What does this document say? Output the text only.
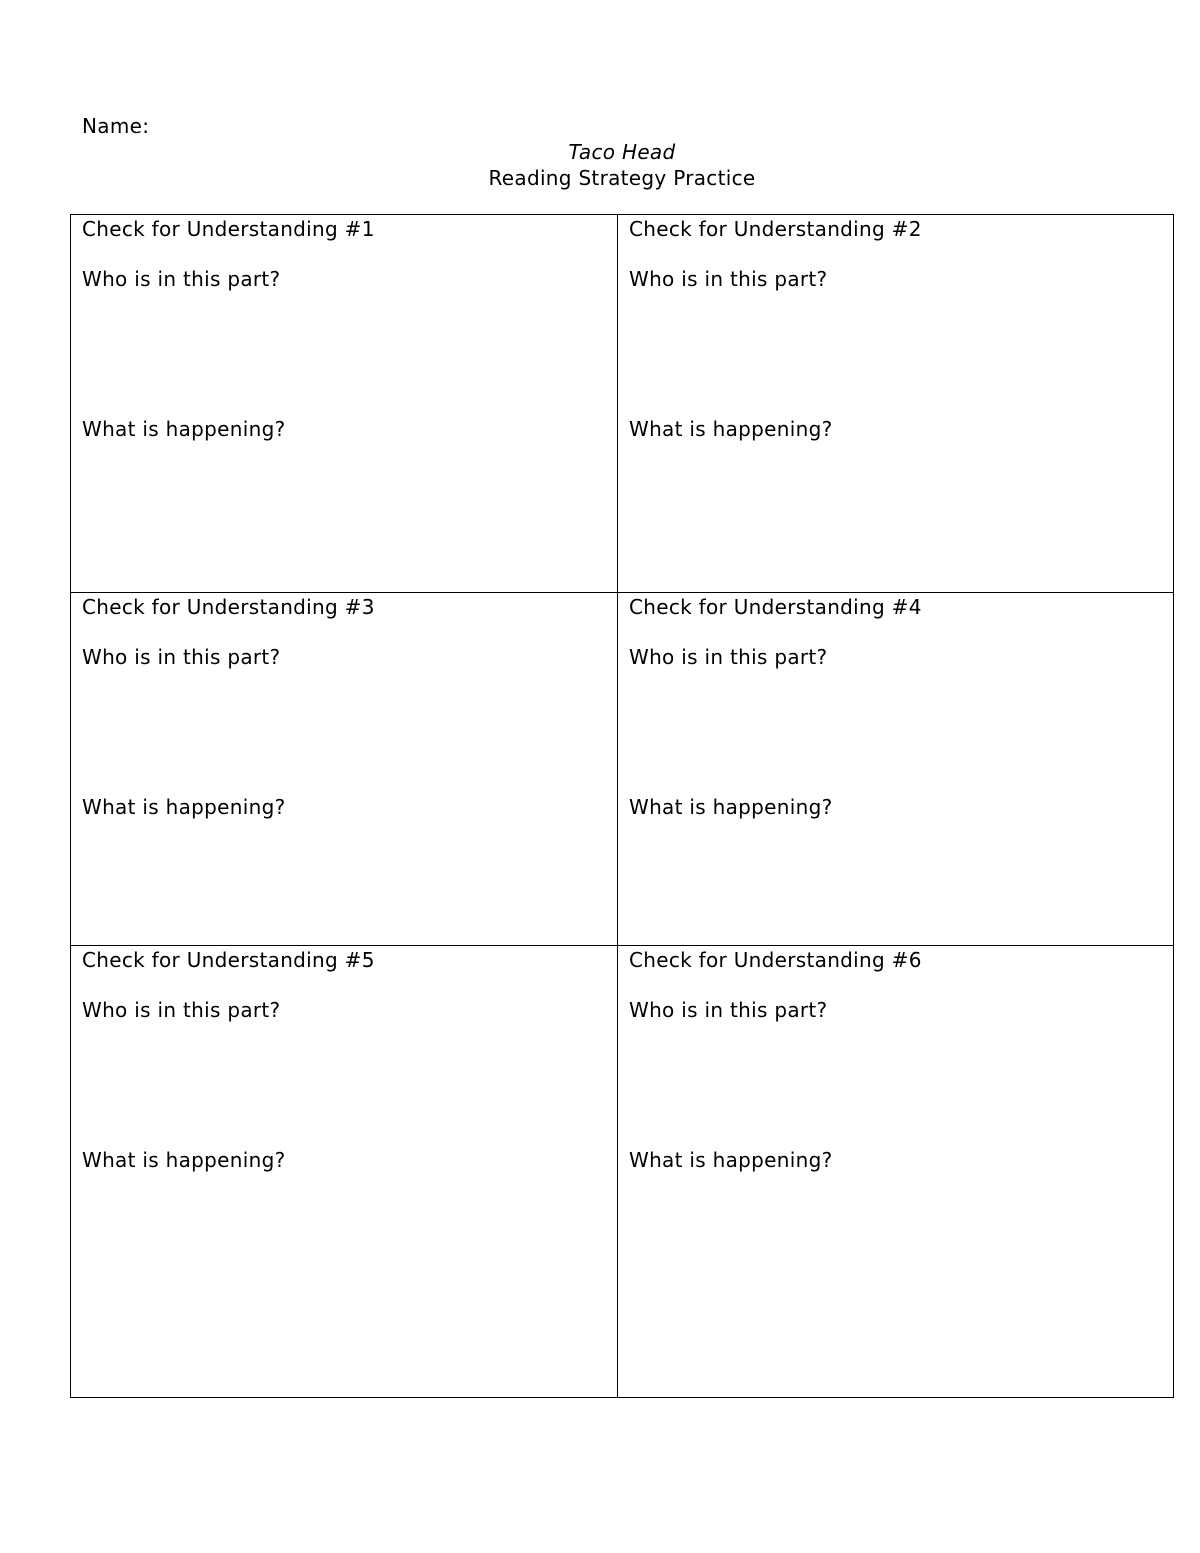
Name:
Taco Head
Reading Strategy Practice
Check for Understanding #1
Who is in this part?
What is happening?
Check for Understanding #2
Who is in this part?
What is happening?
Check for Understanding #3
Who is in this part?
What is happening?
Check for Understanding #4
Who is in this part?
What is happening?
Check for Understanding #5
Who is in this part?
What is happening?
Check for Understanding #6
Who is in this part?
What is happening?
